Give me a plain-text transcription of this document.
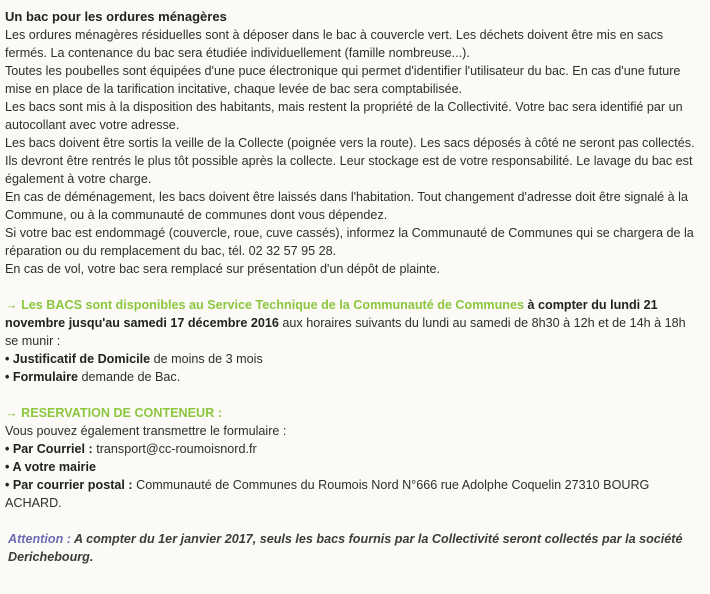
Un bac pour les ordures ménagères

Les ordures ménagères résiduelles sont à déposer dans le bac à couvercle vert. Les déchets doivent être mis en sacs fermés. La contenance du bac sera étudiée individuellement (famille nombreuse...).

Toutes les poubelles sont équipées d'une puce électronique qui permet d'identifier l'utilisateur du bac. En cas d'une future mise en place de la tarification incitative, chaque levée de bac sera comptabilisée.

Les bacs sont mis à la disposition des habitants, mais restent la propriété de la Collectivité. Votre bac sera identifié par un autocollant avec votre adresse.

Les bacs doivent être sortis la veille de la Collecte (poignée vers la route). Les sacs déposés à côté ne seront pas collectés.

Ils devront être rentrés le plus tôt possible après la collecte. Leur stockage est de votre responsabilité. Le lavage du bac est également à votre charge.

En cas de déménagement, les bacs doivent être laissés dans l'habitation. Tout changement d'adresse doit être signalé à la Commune, ou à la communauté de communes dont vous dépendez.

Si votre bac est endommagé (couvercle, roue, cuve cassés), informez la Communauté de Communes qui se chargera de la réparation ou du remplacement du bac, tél. 02 32 57 95 28.

En cas de vol, votre bac sera remplacé sur présentation d'un dépôt de plainte.

→ Les BACS sont disponibles au Service Technique de la Communauté de Communes à compter du lundi 21 novembre jusqu'au samedi 17 décembre 2016 aux horaires suivants du lundi au samedi de 8h30 à 12h et de 14h à 18h se munir :

• Justificatif de Domicile de moins de 3 mois

• Formulaire demande de Bac.

→ RESERVATION DE CONTENEUR :

Vous pouvez également transmettre le formulaire :

• Par Courriel : transport@cc-roumoisnord.fr

• A votre mairie

• Par courrier postal : Communauté de Communes du Roumois Nord N°666 rue Adolphe Coquelin 27310 BOURG ACHARD.

Attention : A compter du 1er janvier 2017, seuls les bacs fournis par la Collectivité seront collectés par la société Derichebourg.
